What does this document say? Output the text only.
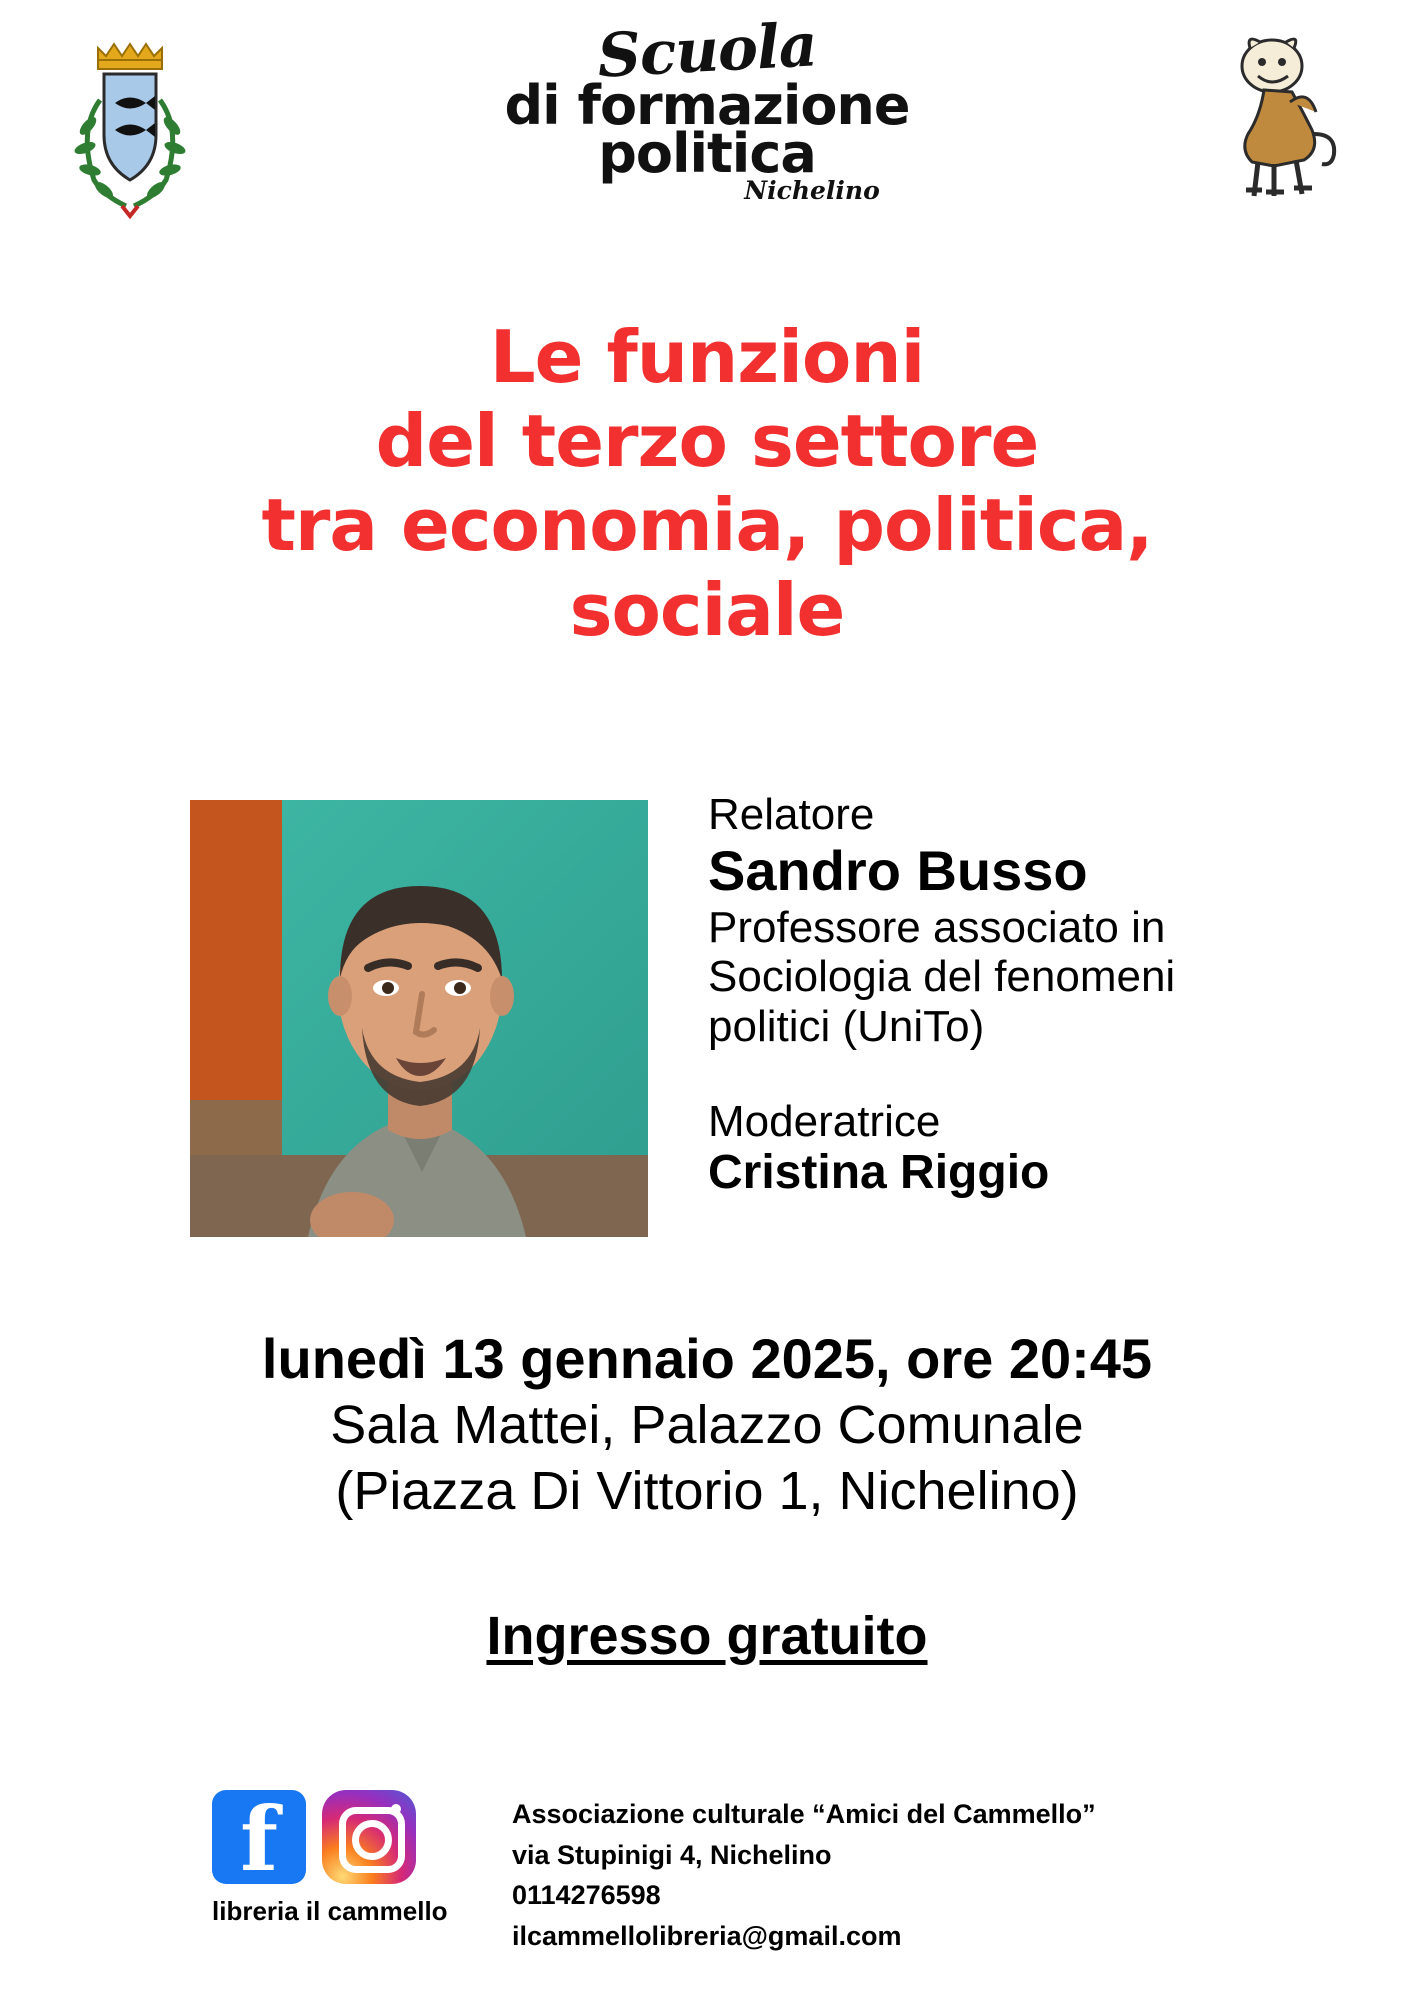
Scuola
di formazione
politica
Nichelino
Le funzioni
del terzo settore
tra economia, politica,
sociale
Relatore
Sandro Busso
Professore associato in
Sociologia del fenomeni
politici (UniTo)
Moderatrice
Cristina Riggio
lunedì 13 gennaio 2025, ore 20:45
Sala Mattei, Palazzo Comunale
(Piazza Di Vittorio 1, Nichelino)
Ingresso gratuito
f
libreria il cammello
Associazione culturale “Amici del Cammello”
via Stupinigi 4, Nichelino
0114276598
ilcammellolibreria@gmail.com
